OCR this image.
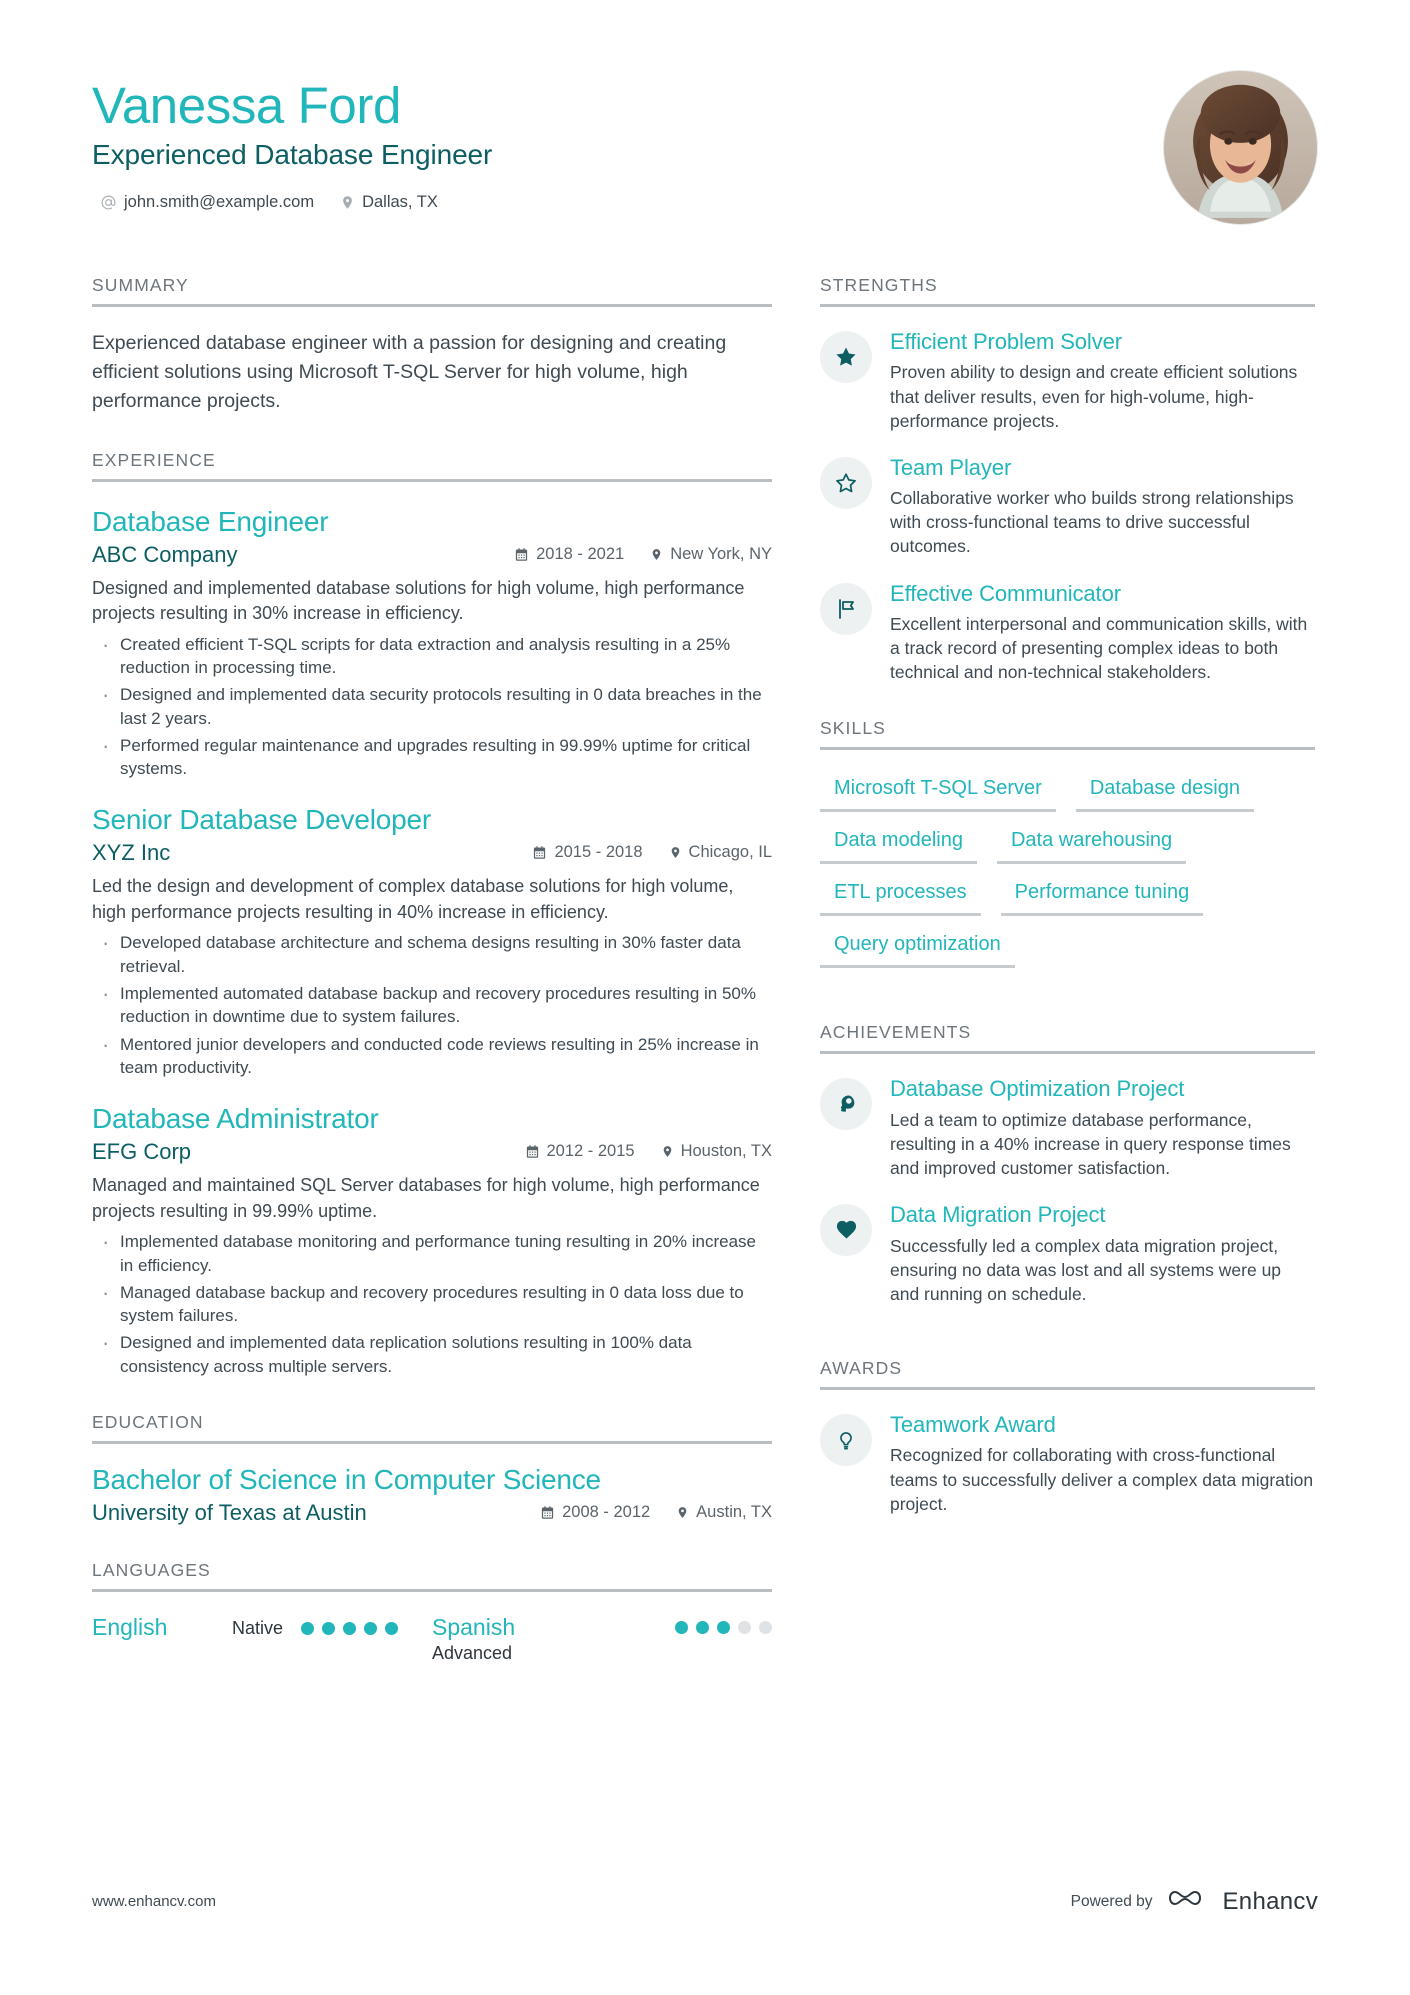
Vanessa Ford
Experienced Database Engineer
john.smith@example.com	Dallas, TX
SUMMARY
Experienced database engineer with a passion for designing and creating efficient solutions using Microsoft T-SQL Server for high volume, high performance projects.
EXPERIENCE
Database Engineer
ABC Company	2018 - 2021	New York, NY
Designed and implemented database solutions for high volume, high performance projects resulting in 30% increase in efficiency.
· Created efficient T-SQL scripts for data extraction and analysis resulting in a 25% reduction in processing time.
· Designed and implemented data security protocols resulting in 0 data breaches in the last 2 years.
· Performed regular maintenance and upgrades resulting in 99.99% uptime for critical systems.
Senior Database Developer
XYZ Inc	2015 - 2018	Chicago, IL
Led the design and development of complex database solutions for high volume, high performance projects resulting in 40% increase in efficiency.
· Developed database architecture and schema designs resulting in 30% faster data retrieval.
· Implemented automated database backup and recovery procedures resulting in 50% reduction in downtime due to system failures.
· Mentored junior developers and conducted code reviews resulting in 25% increase in team productivity.
Database Administrator
EFG Corp	2012 - 2015	Houston, TX
Managed and maintained SQL Server databases for high volume, high performance projects resulting in 99.99% uptime.
· Implemented database monitoring and performance tuning resulting in 20% increase in efficiency.
· Managed database backup and recovery procedures resulting in 0 data loss due to system failures.
· Designed and implemented data replication solutions resulting in 100% data consistency across multiple servers.
EDUCATION
Bachelor of Science in Computer Science
University of Texas at Austin	2008 - 2012	Austin, TX
LANGUAGES
English	Native	Spanish
Advanced
STRENGTHS
Efficient Problem Solver
Proven ability to design and create efficient solutions that deliver results, even for high-volume, high-performance projects.
Team Player
Collaborative worker who builds strong relationships with cross-functional teams to drive successful outcomes.
Effective Communicator
Excellent interpersonal and communication skills, with a track record of presenting complex ideas to both technical and non-technical stakeholders.
SKILLS
Microsoft T-SQL Server	Database design
Data modeling	Data warehousing
ETL processes	Performance tuning
Query optimization
ACHIEVEMENTS
Database Optimization Project
Led a team to optimize database performance, resulting in a 40% increase in query response times and improved customer satisfaction.
Data Migration Project
Successfully led a complex data migration project, ensuring no data was lost and all systems were up and running on schedule.
AWARDS
Teamwork Award
Recognized for collaborating with cross-functional teams to successfully deliver a complex data migration project.
www.enhancv.com	Powered by	Enhancv
